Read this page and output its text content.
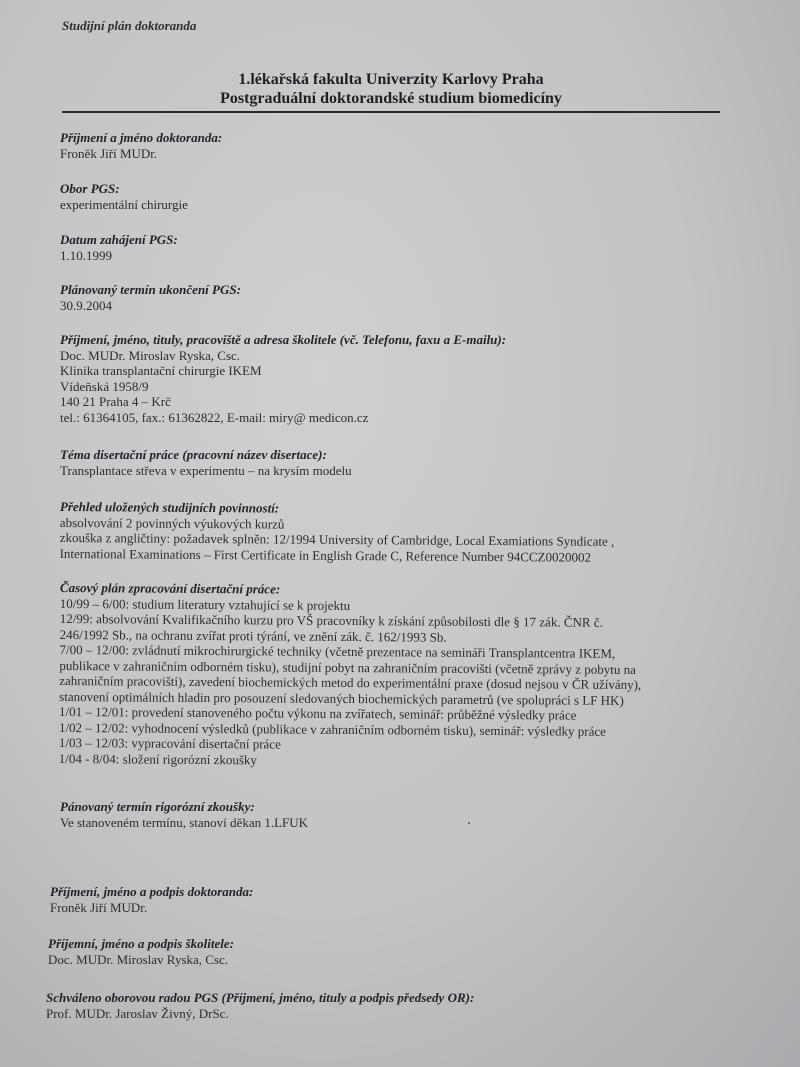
Studijní plán doktoranda
1.lékařská fakulta Univerzity Karlovy Praha
Postgraduální doktorandské studium biomedicíny
Příjmení a jméno doktoranda:
Froněk Jiří MUDr.
Obor PGS:
experimentální chirurgie
Datum zahájení PGS:
1.10.1999
Plánovaný termín ukončení PGS:
30.9.2004
Příjmení, jméno, tituly, pracoviště a adresa školitele (vč. Telefonu, faxu a E-mailu):
Doc. MUDr. Miroslav Ryska, Csc.
Klinika transplantační chirurgie IKEM
Vídeňská 1958/9
140 21 Praha 4 – Krč
tel.: 61364105, fax.: 61362822, E-mail: miry@ medicon.cz
Téma disertační práce (pracovní název disertace):
Transplantace střeva v experimentu – na krysím modelu
Přehled uložených studijních povinností:
absolvování 2 povinných výukových kurzů
zkouška z angličtiny: požadavek splněn: 12/1994 University of Cambridge, Local Examiations Syndicate ,
International Examinations – First Certificate in English Grade C, Reference Number 94CCZ0020002
Časový plán zpracování disertační práce:
10/99 – 6/00: studium literatury vztahující se k projektu
12/99: absolvování Kvalifikačního kurzu pro VŠ pracovníky k získání způsobilosti dle § 17 zák. ČNR č.
246/1992 Sb., na ochranu zvířat proti týrání, ve znění zák. č. 162/1993 Sb.
7/00 – 12/00: zvládnutí mikrochirurgické techniky (včetně prezentace na semináři Transplantcentra IKEM,
publikace v zahraničním odborném tisku), studijní pobyt na zahraničním pracovišti (včetně zprávy z pobytu na
zahraničním pracovišti), zavedení biochemických metod do experimentální praxe (dosud nejsou v ČR užívány),
stanovení optimálních hladin pro posouzení sledovaných biochemických parametrů (ve spolupráci s LF HK)
1/01 – 12/01: provedení stanoveného počtu výkonu na zvířatech, seminář: průběžné výsledky práce
1/02 – 12/02: vyhodnocení výsledků (publikace v zahraničním odborném tisku), seminář: výsledky práce
1/03 – 12/03: vypracování disertační práce
1/04 - 8/04: složení rigorózní zkoušky
Pánovaný termín rigorózní zkoušky:
Ve stanoveném termínu, stanoví děkan 1.LFUK
Příjmení, jméno a podpis doktoranda:
Froněk Jiří MUDr.
Příjemní, jméno a podpis školitele:
Doc. MUDr. Miroslav Ryska, Csc.
Schváleno oborovou radou PGS (Příjmení, jméno, tituly a podpis předsedy OR):
Prof. MUDr. Jaroslav Živný, DrSc.
